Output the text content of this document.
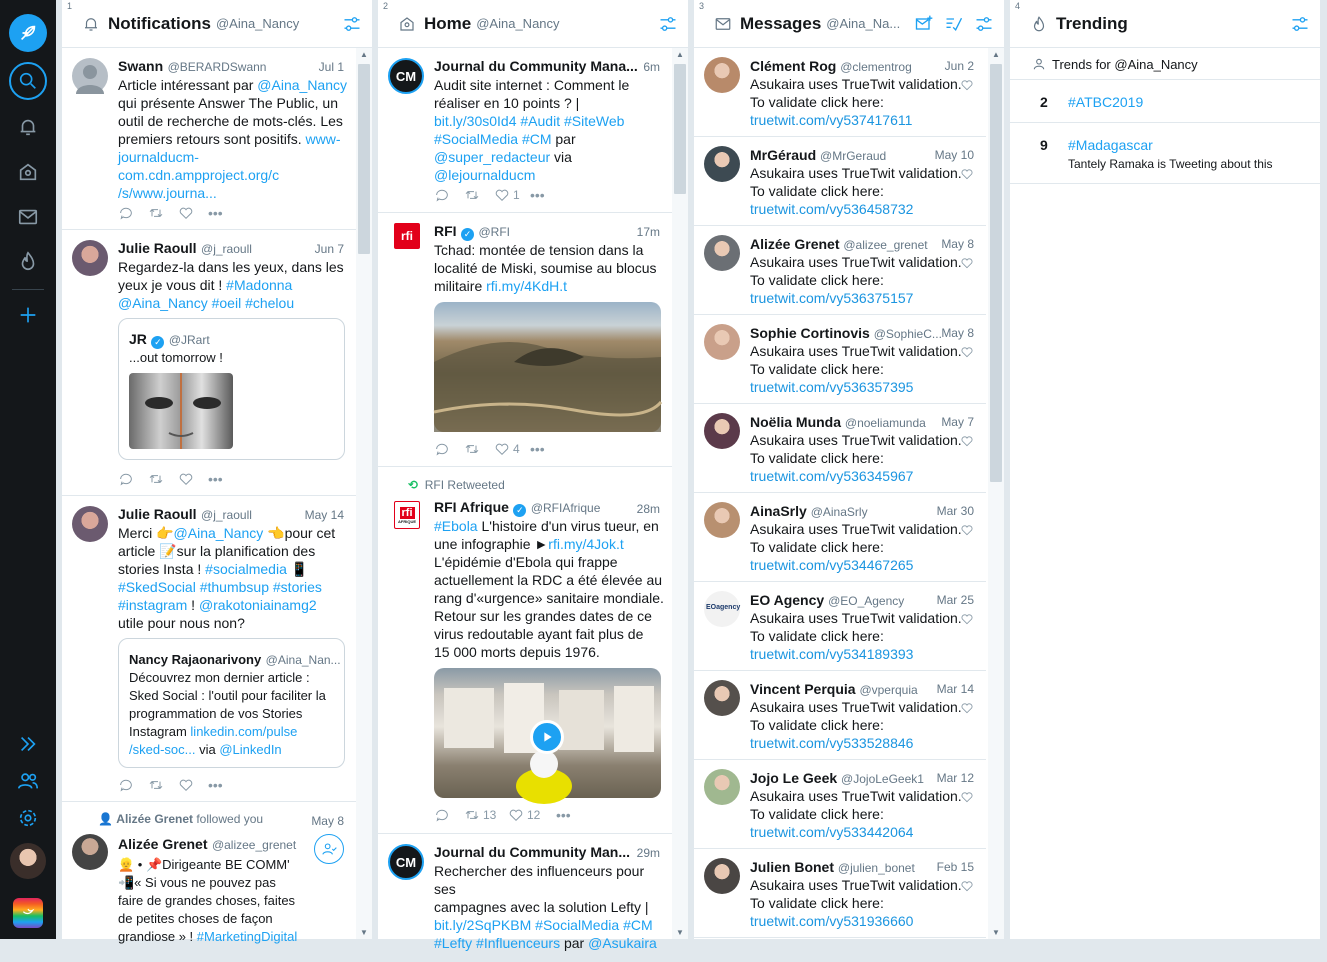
1
Notifications @Aina_Nancy
Swann @BERARDSwann	Jul 1
Article intéressant par @Aina_Nancy
qui présente Answer The Public, un
outil de recherche de mots-clés. Les
premiers retours sont positifs. www-
journalducm-
com.cdn.ampproject.org/c
/s/www.journa...
•••
Julie Raoull @j_raoull	Jun 7
Regardez-la dans les yeux, dans les
yeux je vous dit ! #Madonna
@Aina_Nancy #oeil #chelou
JR ✓ @JRart
...out tomorrow !
•••
Julie Raoull @j_raoull	May 14
Merci 👉@Aina_Nancy 👈pour cet
article 📝sur la planification des
stories Insta ! #socialmedia 📱
#SkedSocial #thumbsup #stories
#instagram ! @rakotoniainamg2
utile pour nous non?
Nancy Rajaonarivony @Aina_Nan...
Découvrez mon dernier article :
Sked Social : l'outil pour faciliter la
programmation de vos Stories
Instagram linkedin.com/pulse
/sked-soc... via @LinkedIn
•••
👤 Alizée Grenet followed you	May 8
Alizée Grenet @alizee_grenet
👱 • 📌Dirigeante BE COMM'
📲« Si vous ne pouvez pas
faire de grandes choses, faites
de petites choses de façon
grandiose » ! #MarketingDigital
▲
▼
2
Home @Aina_Nancy
CM
Journal du Community Mana... 6m
Audit site internet : Comment le
réaliser en 10 points ? |
bit.ly/30s0Id4 #Audit #SiteWeb
#SocialMedia #CM par
@super_redacteur via
@lejournalducm
1 •••
rfi	RFI ✓ @RFI	17m
Tchad: montée de tension dans la
localité de Miski, soumise au blocus
militaire rfi.my/4KdH.t
4 •••
⟲ RFI Retweeted
rfi
AFRIQUE
RFI Afrique ✓ @RFIAfrique	28m
#Ebola L'histoire d'un virus tueur, en
une infographie ►rfi.my/4Jok.t
L'épidémie d'Ebola qui frappe
actuellement la RDC a été élevée au
rang d'«urgence» sanitaire mondiale.
Retour sur les grandes dates de ce
virus redoutable ayant fait plus de
15 000 morts depuis 1976.
13	12 •••
CM
Journal du Community Man... 29m
Rechercher des influenceurs pour ses
campagnes avec la solution Lefty |
bit.ly/2SqPKBM #SocialMedia #CM
#Lefty #Influenceurs par @Asukaira
▲
▼
3
Messages @Aina_Na...
Clément Rog @clementrog	Jun 2
Asukaira uses TrueTwit validation.
To validate click here:
truetwit.com/vy537417611
MrGéraud @MrGeraud	May 10
Asukaira uses TrueTwit validation.
To validate click here:
truetwit.com/vy536458732
Alizée Grenet @alizee_grenet May 8
Asukaira uses TrueTwit validation.
To validate click here:
truetwit.com/vy536375157
Sophie Cortinovis @SophieC... May 8
Asukaira uses TrueTwit validation.
To validate click here:
truetwit.com/vy536357395
Noëlia Munda @noeliamunda May 7
Asukaira uses TrueTwit validation.
To validate click here:
truetwit.com/vy536345967
AinaSrly @AinaSrly	Mar 30
Asukaira uses TrueTwit validation.
To validate click here:
truetwit.com/vy534467265
EOagency EO Agency @EO_Agency	Mar 25
Asukaira uses TrueTwit validation.
To validate click here:
truetwit.com/vy534189393
Vincent Perquia @vperquia Mar 14
Asukaira uses TrueTwit validation.
To validate click here:
truetwit.com/vy533528846
Jojo Le Geek @JojoLeGeek1 Mar 12
Asukaira uses TrueTwit validation.
To validate click here:
truetwit.com/vy533442064
Julien Bonet @julien_bonet Feb 15
Asukaira uses TrueTwit validation.
To validate click here:
truetwit.com/vy531936660
▲
▼
4
Trending
Trends for @Aina_Nancy
2 #ATBC2019
9 #Madagascar
Tantely Ramaka is Tweeting about this
